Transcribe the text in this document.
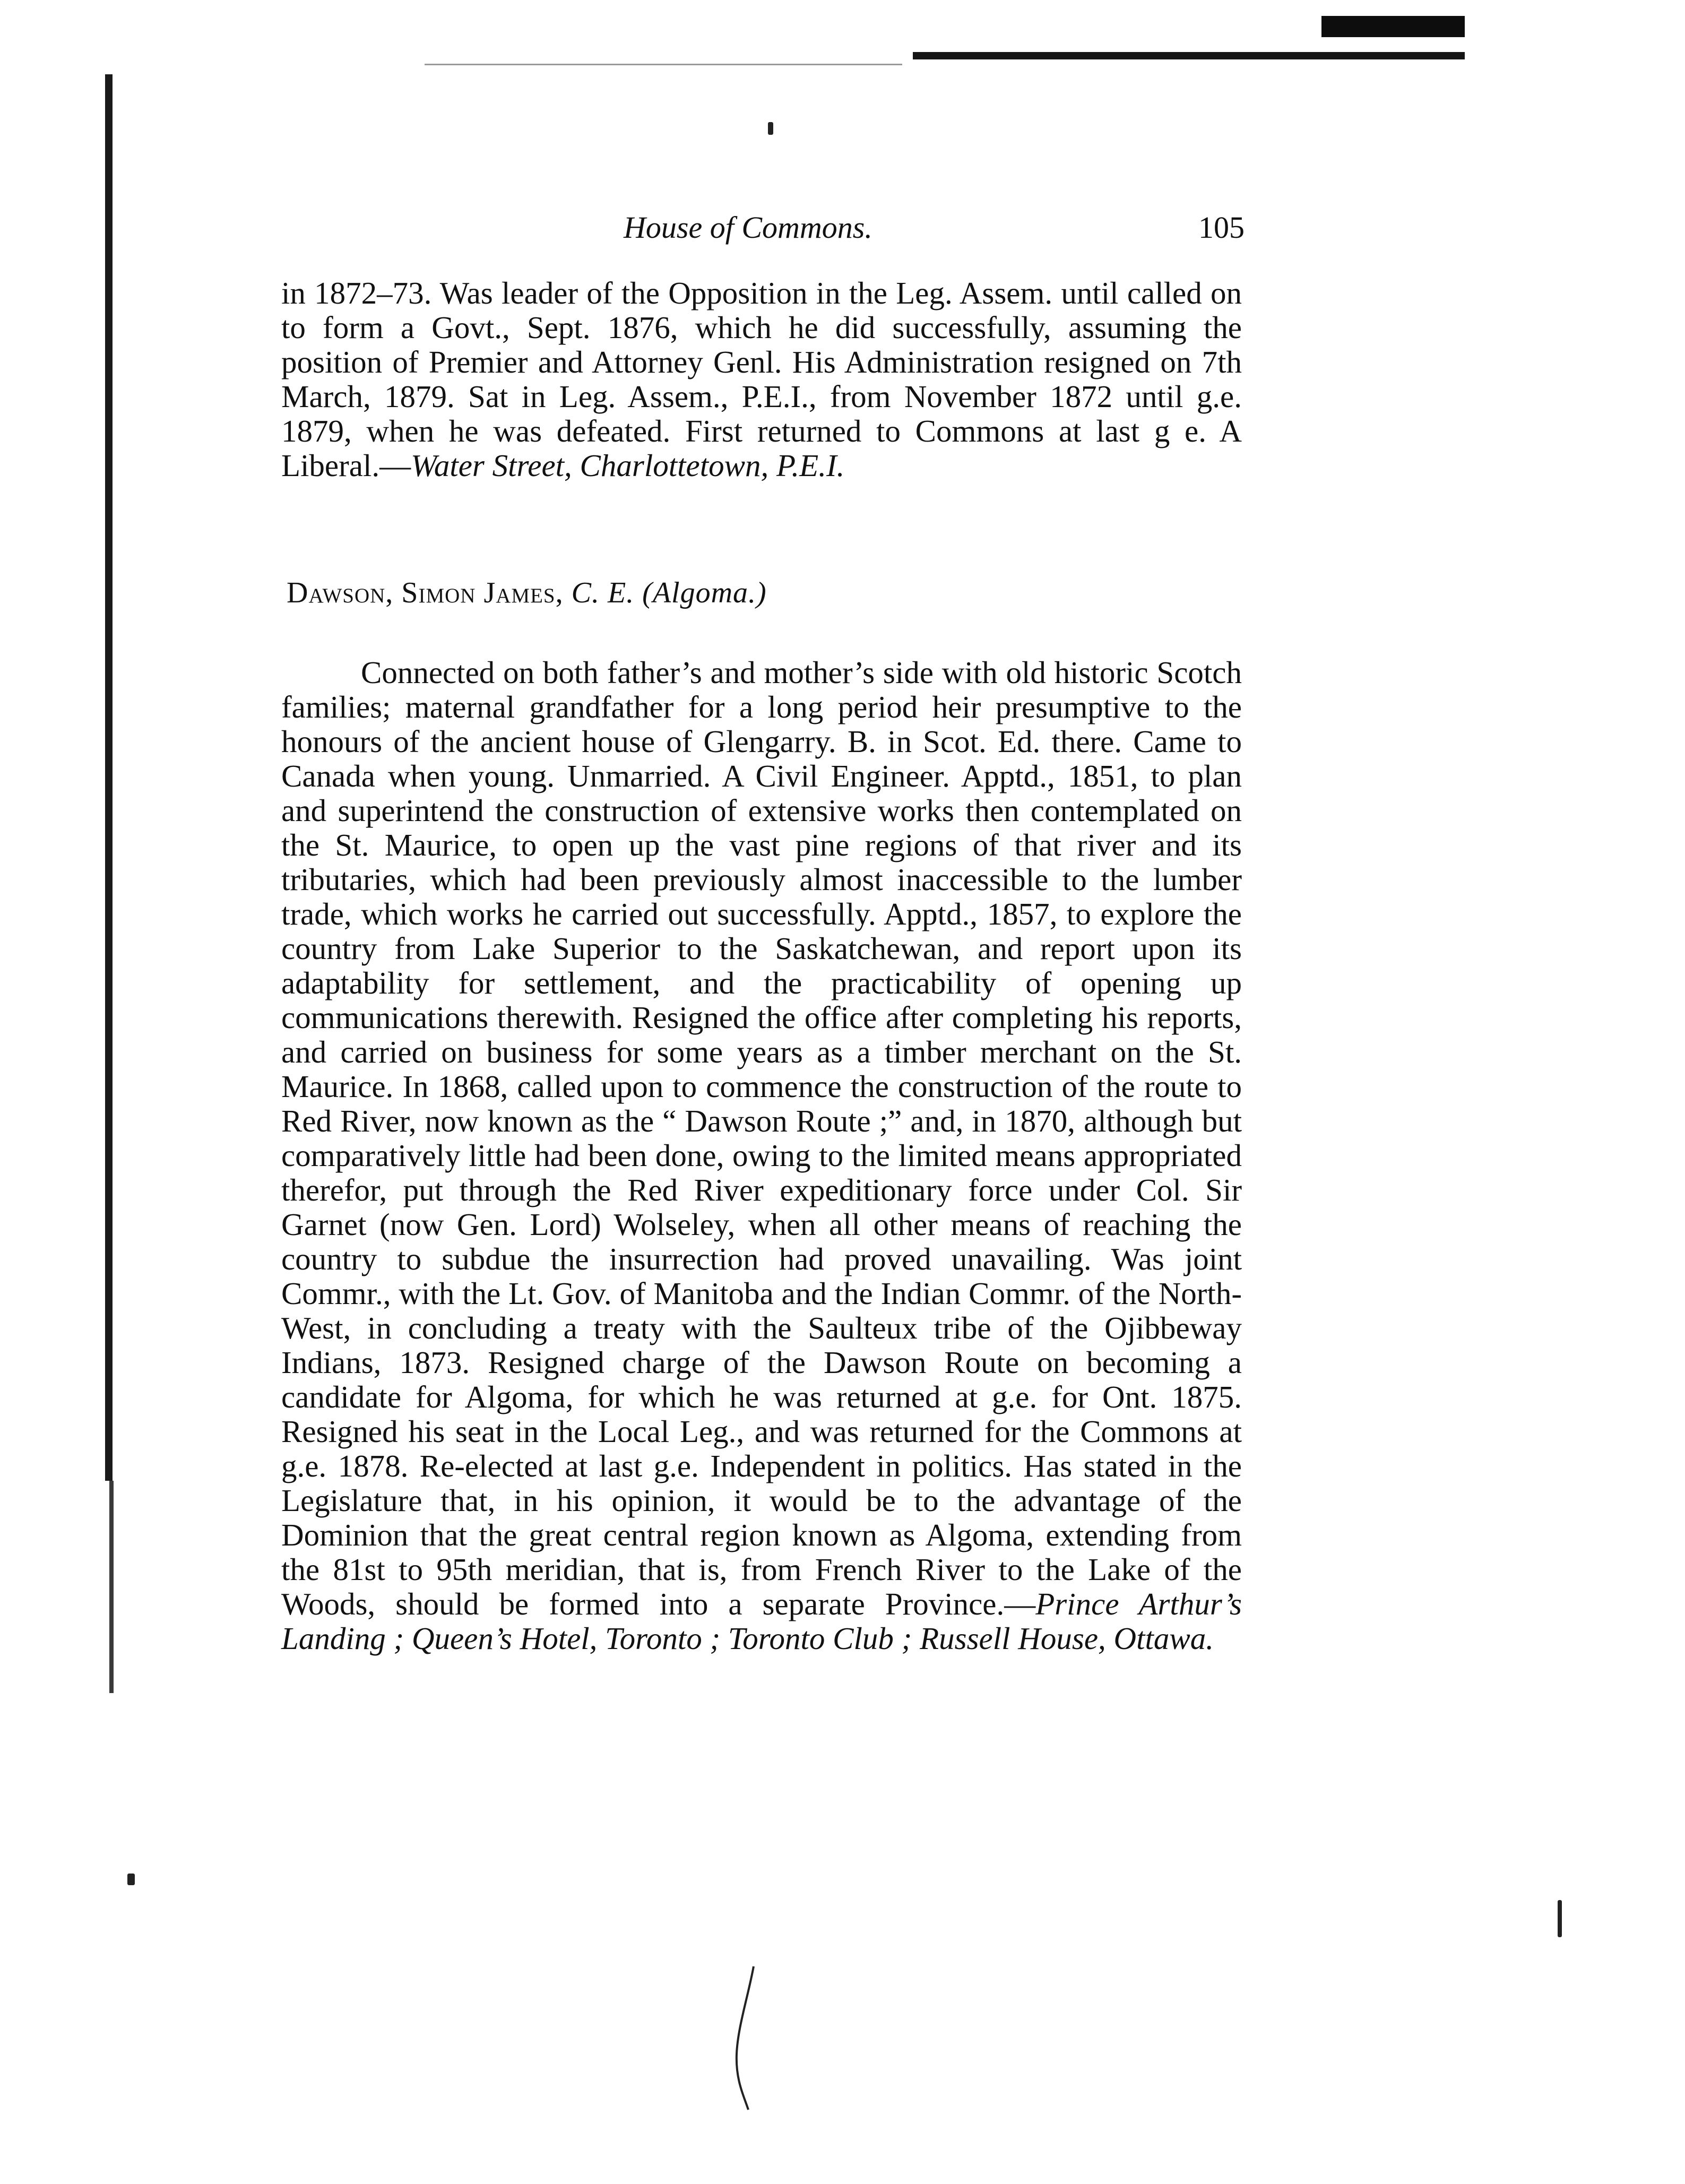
House of Commons.	105
in 1872–73. Was leader of the Opposition in the Leg. Assem. until called on to form a Govt., Sept. 1876, which he did successfully, assuming the position of Premier and Attorney Genl. His Administration resigned on 7th March, 1879. Sat in Leg. Assem., P.E.I., from November 1872 until g.e. 1879, when he was defeated. First returned to Commons at last g e. A Liberal.—Water Street, Charlottetown, P.E.I.
Dawson, Simon James, C. E. (Algoma.)
Connected on both father’s and mother’s side with old historic Scotch families; maternal grandfather for a long period heir presumptive to the honours of the ancient house of Glengarry. B. in Scot. Ed. there. Came to Canada when young. Unmarried. A Civil Engineer. Apptd., 1851, to plan and superintend the construction of extensive works then contemplated on the St. Maurice, to open up the vast pine regions of that river and its tributaries, which had been previously almost inaccessible to the lumber trade, which works he carried out successfully. Apptd., 1857, to explore the country from Lake Superior to the Saskatchewan, and report upon its adaptability for settlement, and the practicability of opening up communications therewith. Resigned the office after completing his reports, and carried on business for some years as a timber merchant on the St. Maurice. In 1868, called upon to commence the construction of the route to Red River, now known as the “ Dawson Route ;” and, in 1870, although but comparatively little had been done, owing to the limited means appropriated therefor, put through the Red River expeditionary force under Col. Sir Garnet (now Gen. Lord) Wolseley, when all other means of reaching the country to subdue the insurrection had proved unavailing. Was joint Commr., with the Lt. Gov. of Manitoba and the Indian Commr. of the North-West, in concluding a treaty with the Saulteux tribe of the Ojibbeway Indians, 1873. Resigned charge of the Dawson Route on becoming a candidate for Algoma, for which he was returned at g.e. for Ont. 1875. Resigned his seat in the Local Leg., and was returned for the Commons at g.e. 1878. Re-elected at last g.e. Independent in politics. Has stated in the Legislature that, in his opinion, it would be to the advantage of the Dominion that the great central region known as Algoma, extending from the 81st to 95th meridian, that is, from French River to the Lake of the Woods, should be formed into a separate Province.—Prince Arthur’s Landing ; Queen’s Hotel, Toronto ; Toronto Club ; Russell House, Ottawa.
